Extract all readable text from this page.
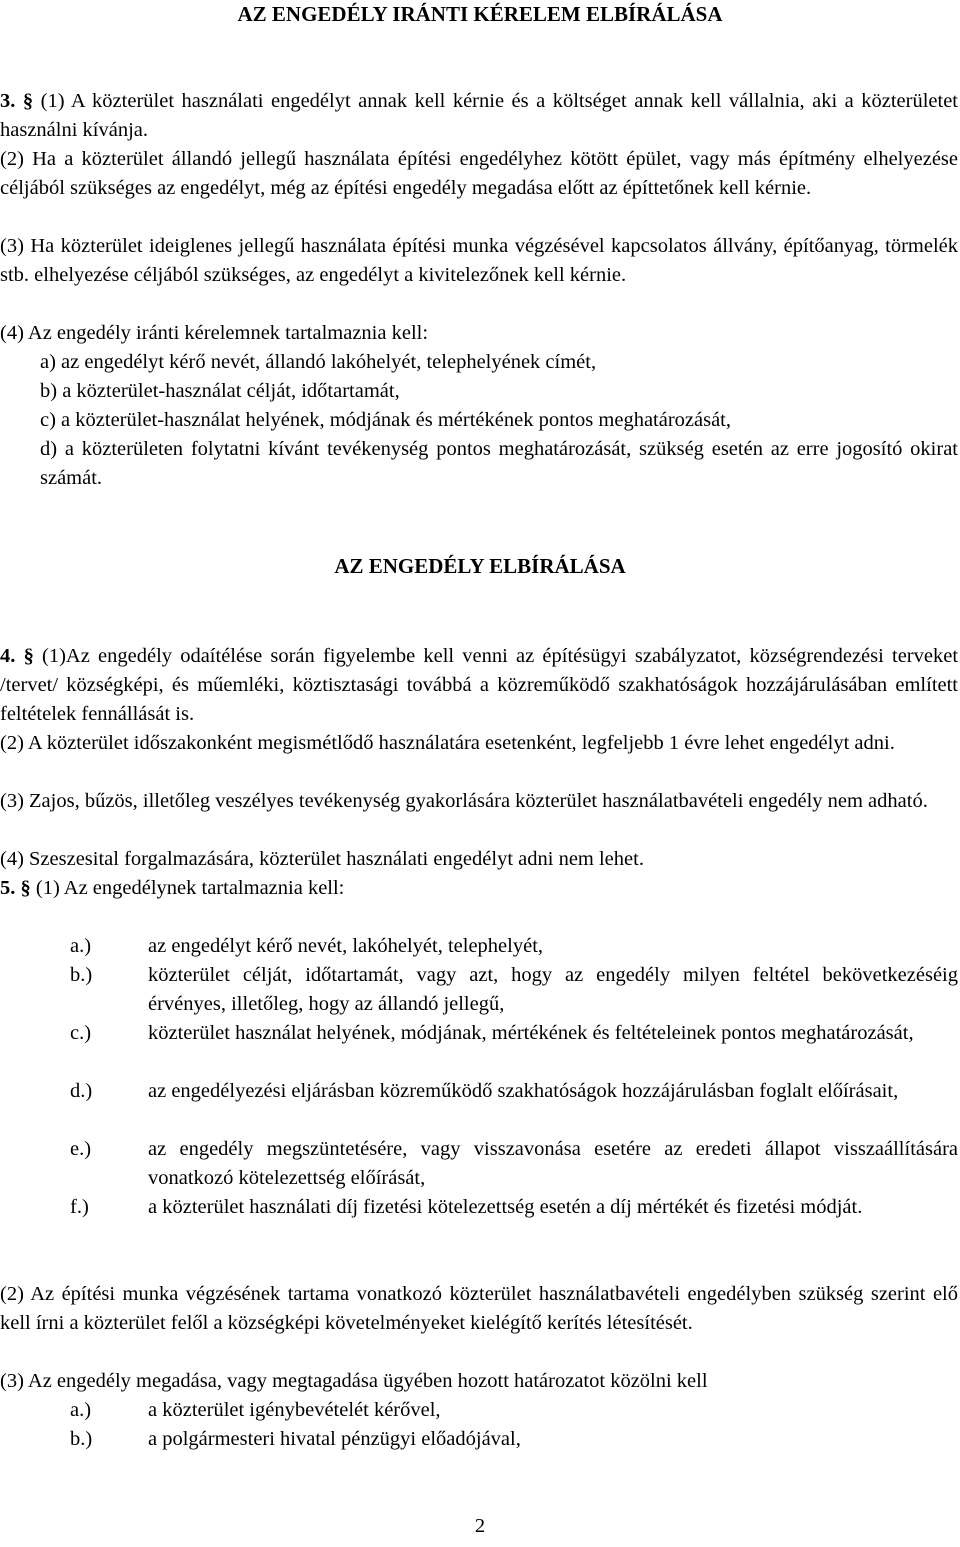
AZ ENGEDÉLY IRÁNTI KÉRELEM ELBÍRÁLÁSA
3. § (1) A közterület használati engedélyt annak kell kérnie és a költséget annak kell vállalnia, aki a közterületet használni kívánja.
(2) Ha a közterület állandó jellegű használata építési engedélyhez kötött épület, vagy más építmény elhelyezése céljából szükséges az engedélyt, még az építési engedély megadása előtt az építtetőnek kell kérnie.
(3) Ha közterület ideiglenes jellegű használata építési munka végzésével kapcsolatos állvány, építőanyag, törmelék stb. elhelyezése céljából szükséges, az engedélyt a kivitelezőnek kell kérnie.
(4) Az engedély iránti kérelemnek tartalmaznia kell:
a) az engedélyt kérő nevét, állandó lakóhelyét, telephelyének címét,
b) a közterület-használat célját, időtartamát,
c) a közterület-használat helyének, módjának és mértékének pontos meghatározását,
d) a közterületen folytatni kívánt tevékenység pontos meghatározását, szükség esetén az erre jogosító okirat számát.
AZ ENGEDÉLY ELBÍRÁLÁSA
4. § (1)Az engedély odaítélése során figyelembe kell venni az építésügyi szabályzatot, községrendezési terveket /tervet/ községképi, és műemléki, köztisztasági továbbá a közreműködő szakhatóságok hozzájárulásában említett feltételek fennállását is.
(2) A közterület időszakonként megismétlődő használatára esetenként, legfeljebb 1 évre lehet engedélyt adni.
(3) Zajos, bűzös, illetőleg veszélyes tevékenység gyakorlására közterület használatbavételi engedély nem adható.
(4) Szeszesital forgalmazására, közterület használati engedélyt adni nem lehet.
5. § (1) Az engedélynek tartalmaznia kell:
a.)	az engedélyt kérő nevét, lakóhelyét, telephelyét,
b.)	közterület célját, időtartamát, vagy azt, hogy az engedély milyen feltétel bekövetkezéséig érvényes, illetőleg, hogy az állandó jellegű,
c.)	közterület használat helyének, módjának, mértékének és feltételeinek pontos meghatározását,
d.)	az engedélyezési eljárásban közreműködő szakhatóságok hozzájárulásban foglalt előírásait,
e.)	az engedély megszüntetésére, vagy visszavonása esetére az eredeti állapot visszaállítására vonatkozó kötelezettség előírását,
f.)	a közterület használati díj fizetési kötelezettség esetén a díj mértékét és fizetési módját.
(2) Az építési munka végzésének tartama vonatkozó közterület használatbavételi engedélyben szükség szerint elő kell írni a közterület felől a községképi követelményeket kielégítő kerítés létesítését.
(3) Az engedély megadása, vagy megtagadása ügyében hozott határozatot közölni kell
a.)	a közterület igénybevételét kérővel,
b.)	a polgármesteri hivatal pénzügyi előadójával,
2
